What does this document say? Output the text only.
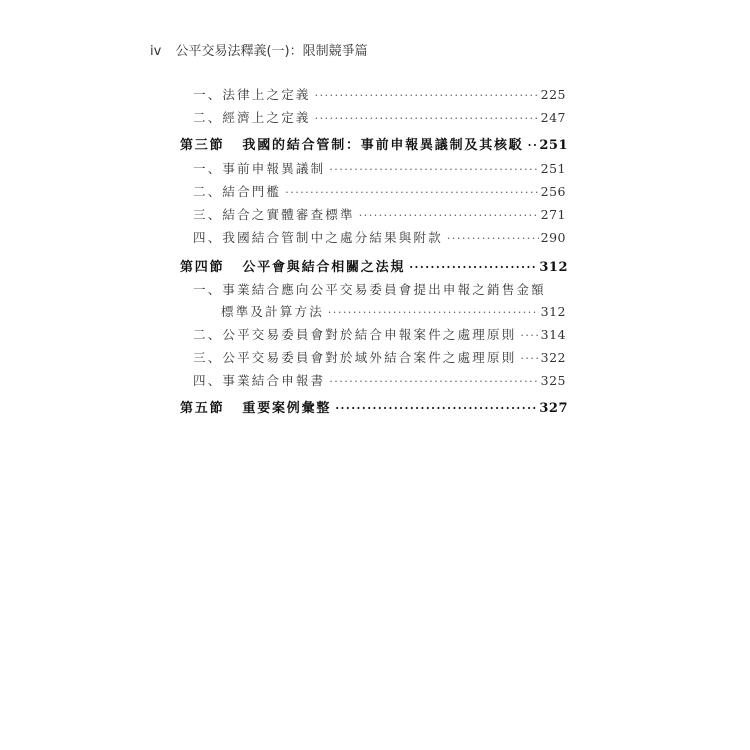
iv 公平交易法釋義(一)：限制競爭篇
一、法律上之定義 ·····	225
二、經濟上之定義 ·····	247
第三節 我國的結合管制：事前申報異議制及其核駁 ····· 251
一、事前申報異議制 ·····	251
二、結合門檻 ·····	256
三、結合之實體審查標準 ·····	271
四、我國結合管制中之處分結果與附款 ·····	290
第四節 公平會與結合相關之法規 ·····	312
一、事業結合應向公平交易委員會提出申報之銷售金額
標準及計算方法 ·····	312
二、公平交易委員會對於結合申報案件之處理原則 ····· 314
三、公平交易委員會對於域外結合案件之處理原則 ····· 322
四、事業結合申報書 ·····	325
第五節 重要案例彙整 ·····	327
